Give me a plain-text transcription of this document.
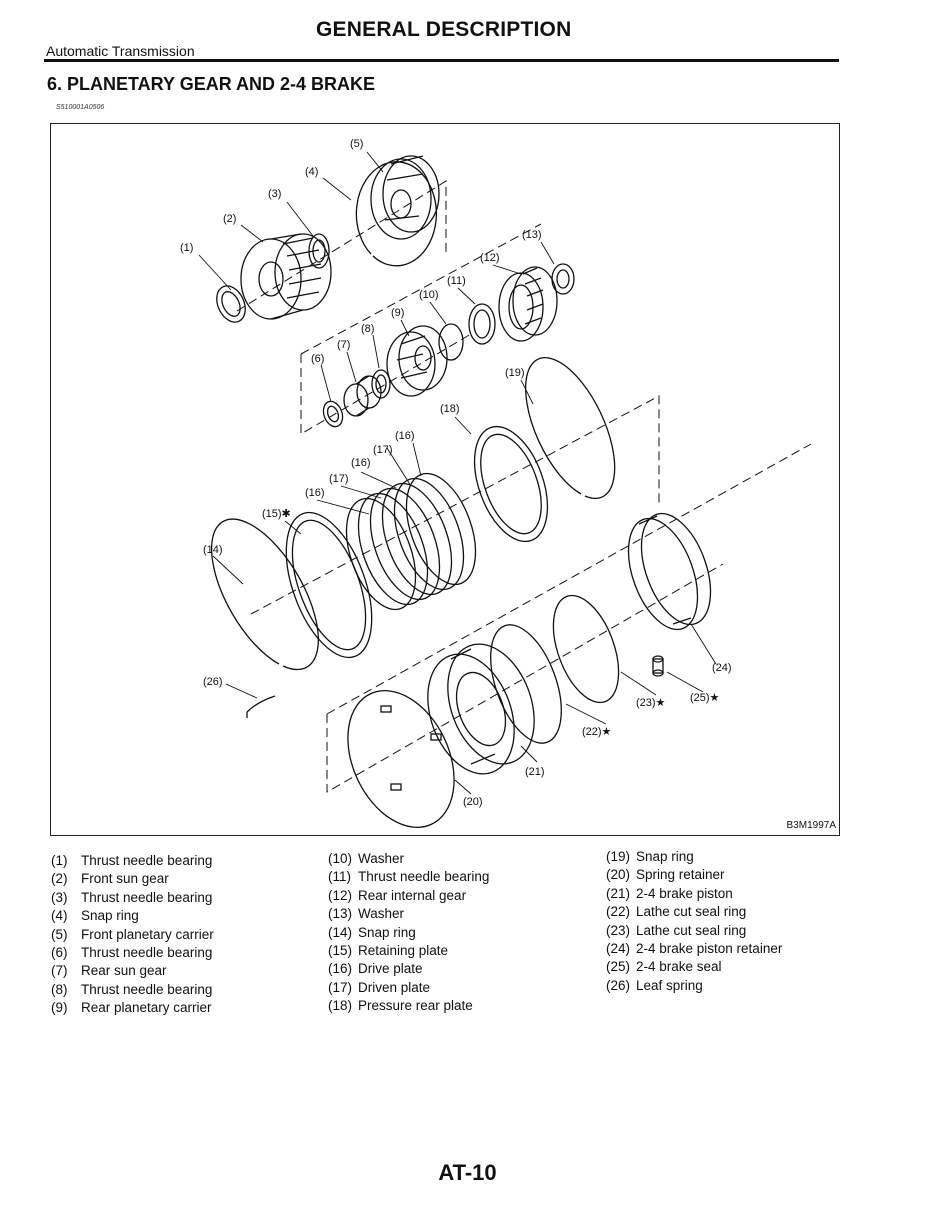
GENERAL DESCRIPTION
Automatic Transmission
6. PLANETARY GEAR AND 2-4 BRAKE
S510001A0506
(1)
(2)
(3)
(4)
(5)
(6)
(7)
(8)
(9)
(10)
(11)
(12)
(13)
(14)
(15)✱
(16)
(17)
(16)
(17)
(16)
(18)
(19)
(26)
(20)
(21)
(22)★
(23)★ (25)★
(24)
B3M1997A
(1) Thrust needle bearing
(2) Front sun gear
(3) Thrust needle bearing
(4) Snap ring
(5) Front planetary carrier
(6) Thrust needle bearing
(7) Rear sun gear
(8) Thrust needle bearing
(9) Rear planetary carrier
(10) Washer
(11) Thrust needle bearing
(12) Rear internal gear
(13) Washer
(14) Snap ring
(15) Retaining plate
(16) Drive plate
(17) Driven plate
(18) Pressure rear plate
(19) Snap ring
(20) Spring retainer
(21) 2-4 brake piston
(22) Lathe cut seal ring
(23) Lathe cut seal ring
(24) 2-4 brake piston retainer
(25) 2-4 brake seal
(26) Leaf spring
AT-10
